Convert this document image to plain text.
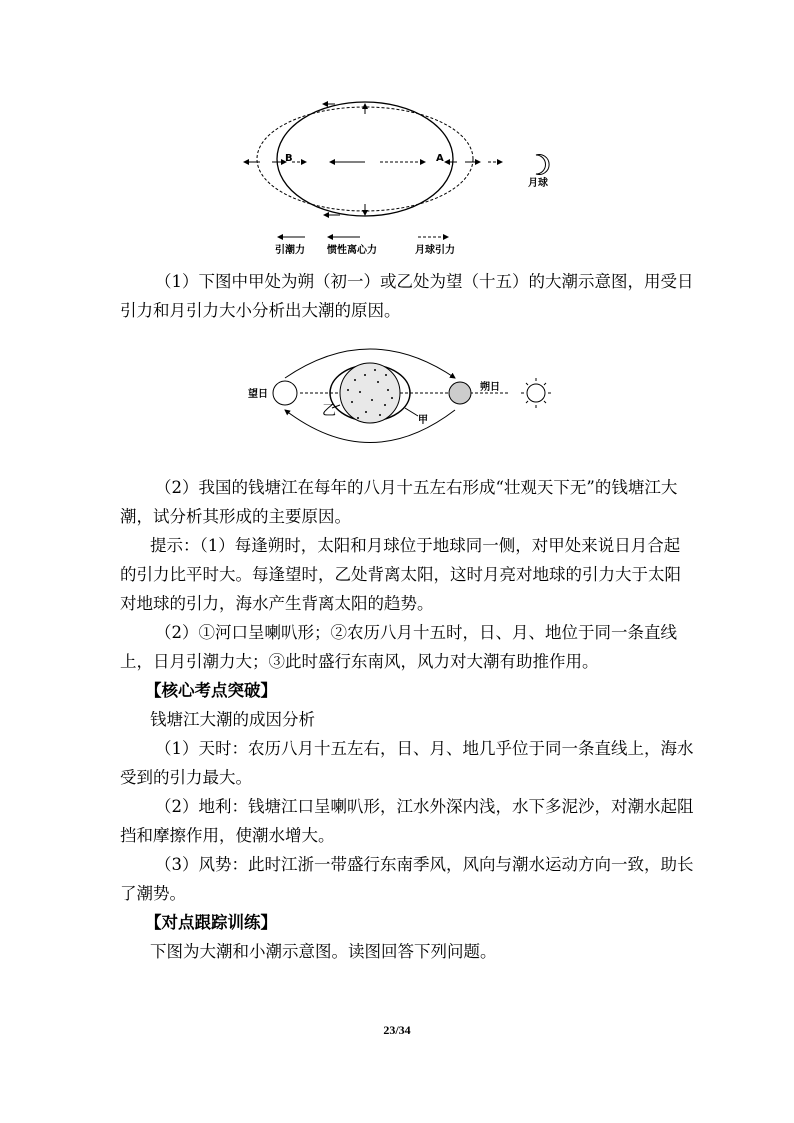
B	A
月球
引潮力 惯性离心力	月球引力
（1）下图中甲处为朔（初一）或乙处为望（十五）的大潮示意图，用受日
引力和月引力大小分析出大潮的原因。
望日
朔日
乙
甲
（2）我国的钱塘江在每年的八月十五左右形成“壮观天下无”的钱塘江大
潮，试分析其形成的主要原因。
提示：（1）每逢朔时，太阳和月球位于地球同一侧，对甲处来说日月合起
的引力比平时大。每逢望时，乙处背离太阳，这时月亮对地球的引力大于太阳
对地球的引力，海水产生背离太阳的趋势。
（2）①河口呈喇叭形；②农历八月十五时，日、月、地位于同一条直线
上，日月引潮力大；③此时盛行东南风，风力对大潮有助推作用。
【核心考点突破】
钱塘江大潮的成因分析
（1）天时：农历八月十五左右，日、月、地几乎位于同一条直线上，海水
受到的引力最大。
（2）地利：钱塘江口呈喇叭形，江水外深内浅，水下多泥沙，对潮水起阻
挡和摩擦作用，使潮水增大。
（3）风势：此时江浙一带盛行东南季风，风向与潮水运动方向一致，助长
了潮势。
【对点跟踪训练】
下图为大潮和小潮示意图。读图回答下列问题。
23/34
